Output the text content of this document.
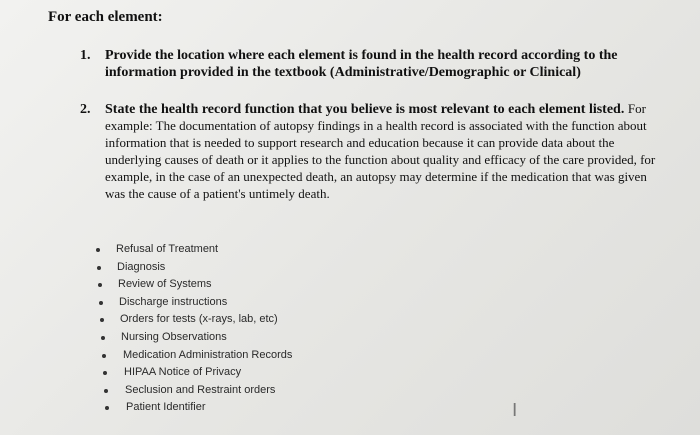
For each element:
1. Provide the location where each element is found in the health record according to the information provided in the textbook (Administrative/Demographic or Clinical)
2. State the health record function that you believe is most relevant to each element listed. For example: The documentation of autopsy findings in a health record is associated with the function about information that is needed to support research and education because it can provide data about the underlying causes of death or it applies to the function about quality and efficacy of the care provided, for example, in the case of an unexpected death, an autopsy may determine if the medication that was given was the cause of a patient's untimely death.
Refusal of Treatment
Diagnosis
Review of Systems
Discharge instructions
Orders for tests (x-rays, lab, etc)
Nursing Observations
Medication Administration Records
HIPAA Notice of Privacy
Seclusion and Restraint orders
Patient Identifier	I
